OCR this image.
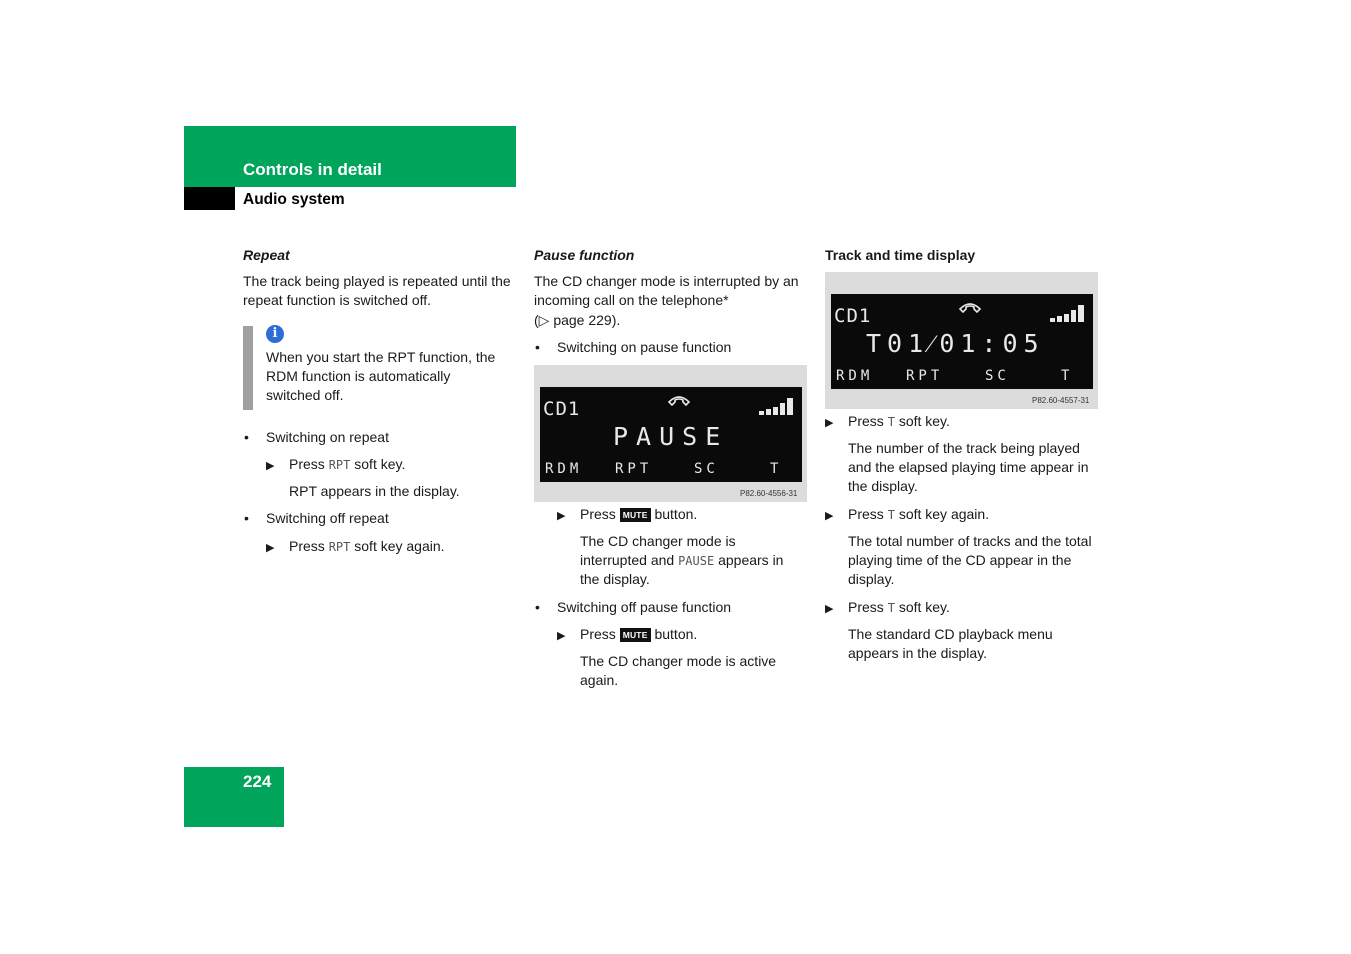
Controls in detail
Audio system
Repeat
The track being played is repeated until the
repeat function is switched off.
i
When you start the RPT function, the
RDM function is automatically
switched off.
• Switching on repeat
▶ Press RPT soft key.
RPT appears in the display.
• Switching off repeat
▶ Press RPT soft key again.
Pause function
The CD changer mode is interrupted by an
incoming call on the telephone*
(▷ page 229).
• Switching on pause function
CD1
PAUSE
RDM RPT	SC	T
P82.60-4556-31
▶ Press MUTE button.
The CD changer mode is
interrupted and PAUSE appears in
the display.
• Switching off pause function
▶ Press MUTE button.
The CD changer mode is active
again.
Track and time display
CD1
T01⁄01:05
RDM RPT	SC	T
P82.60-4557-31
▶ Press T soft key.
The number of the track being played
and the elapsed playing time appear in
the display.
▶ Press T soft key again.
The total number of tracks and the total
playing time of the CD appear in the
display.
▶ Press T soft key.
The standard CD playback menu
appears in the display.
224
